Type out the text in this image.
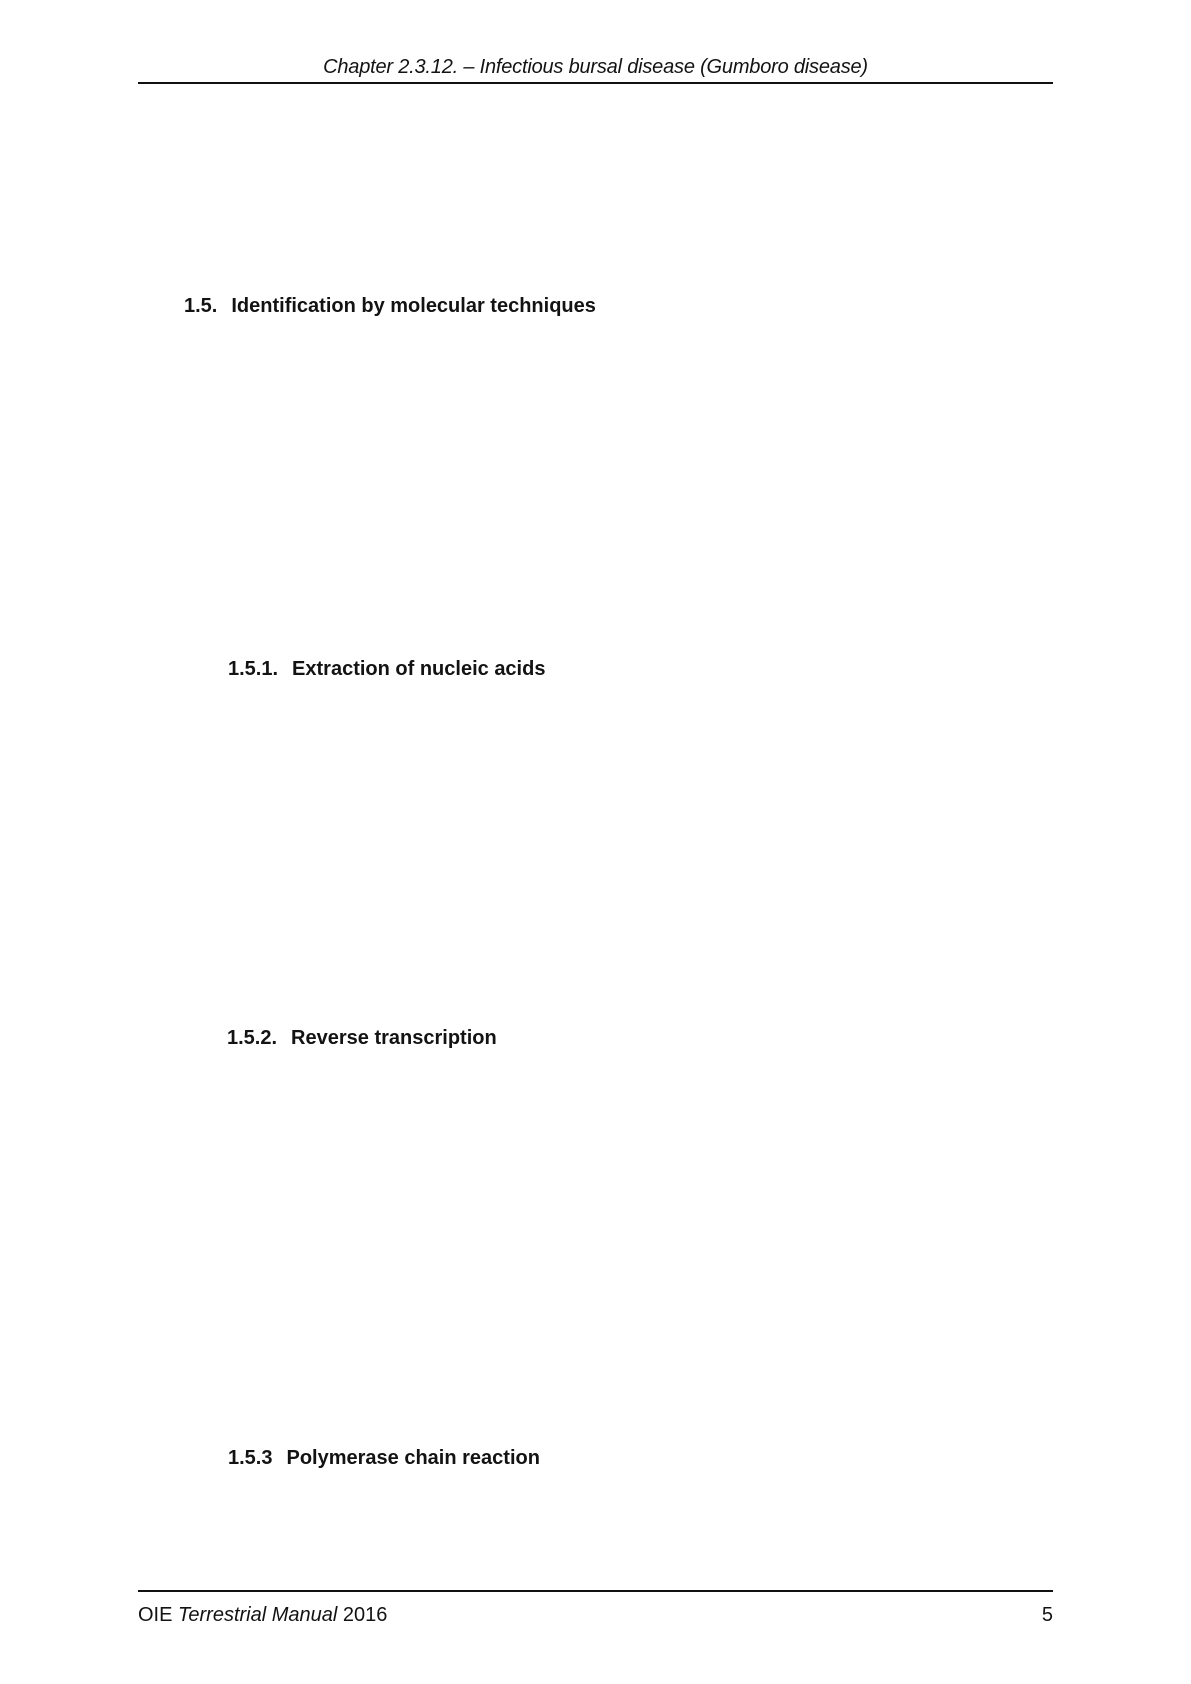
Chapter 2.3.12. – Infectious bursal disease (Gumboro disease)
1.5. Identification by molecular techniques
1.5.1. Extraction of nucleic acids
1.5.2. Reverse transcription
1.5.3 Polymerase chain reaction
OIE Terrestrial Manual 2016	5
